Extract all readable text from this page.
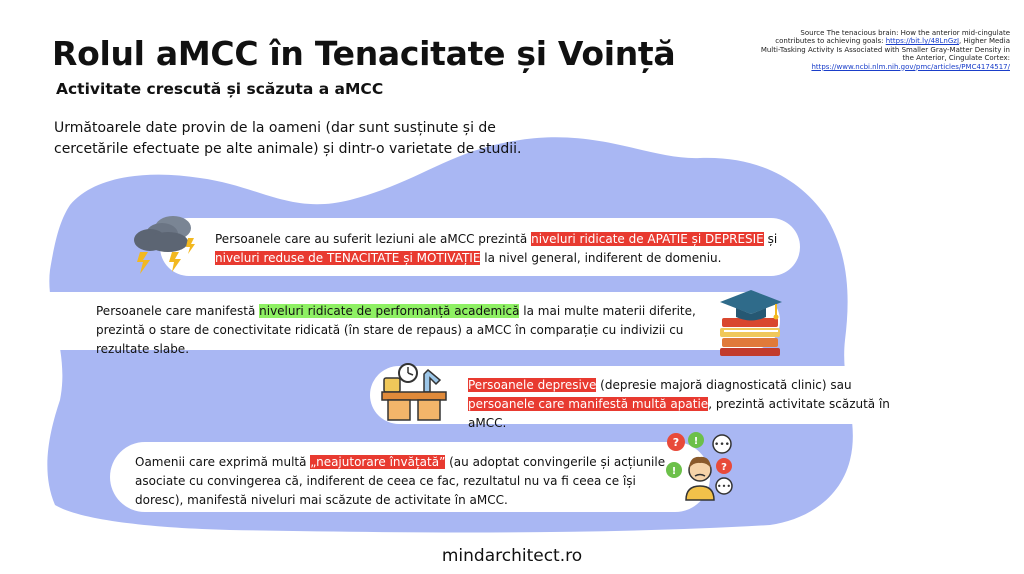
Rolul aMCC în Tenacitate și Voință
Activitate crescută și scăzuta a aMCC
Source The tenacious brain: How the anterior mid-cingulate contributes to achieving goals: https://bit.ly/48LnGzJ, Higher Media Multi-Tasking Activity Is Associated with Smaller Gray-Matter Density in the Anterior, Cingulate Cortex: https://www.ncbi.nlm.nih.gov/pmc/articles/PMC4174517/
Următoarele date provin de la oameni (dar sunt susținute și de cercetările efectuate pe alte animale) și dintr-o varietate de studii.
Persoanele care au suferit leziuni ale aMCC prezintă niveluri ridicate de APATIE și DEPRESIE și
niveluri reduse de TENACITATE și MOTIVAȚIE la nivel general, indiferent de domeniu.
Persoanele care manifestă niveluri ridicate de performanță academică la mai multe materii diferite, prezintă o stare de conectivitate ridicată (în stare de repaus) a aMCC în comparație cu indivizii cu rezultate slabe.
Persoanele depresive (depresie majoră diagnosticată clinic) sau persoanele care manifestă multă apatie, prezintă activitate scăzută în aMCC.
Oamenii care exprimă multă „neajutorare învățată” (au adoptat convingerile și acțiunile asociate cu convingerea că, indiferent de ceea ce fac, rezultatul nu va fi ceea ce își doresc), manifestă niveluri mai scăzute de activitate în aMCC.
? ! •••
!	?
•••
mindarchitect.ro
